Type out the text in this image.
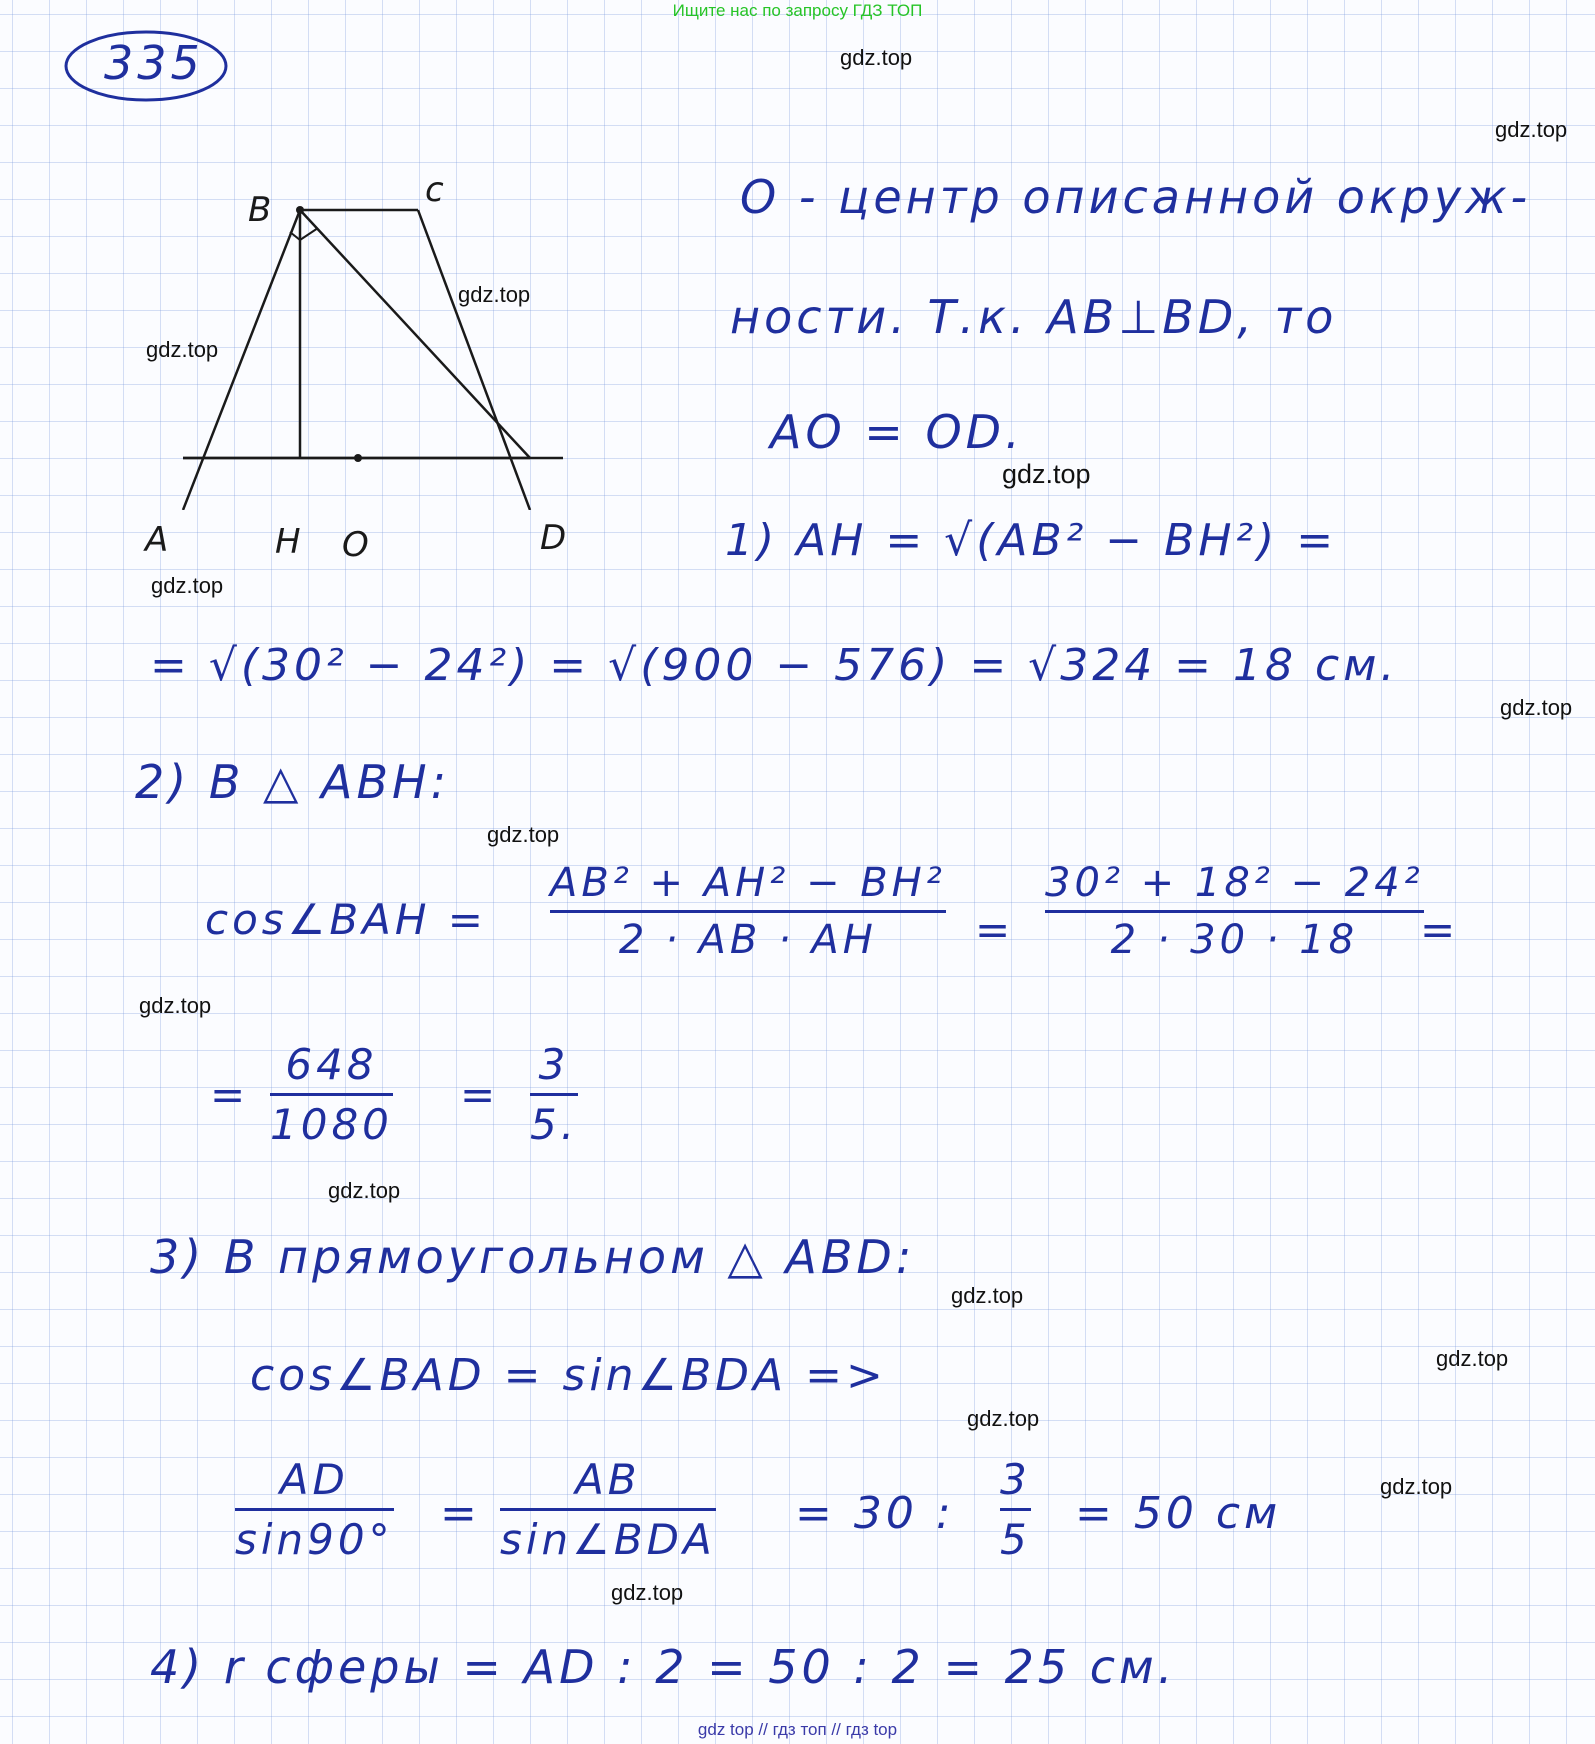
Ищите нас по запросу ГДЗ ТОП
335
B	c
A	H O	D
O - центр описанной окруж-
ности. Т.к. AB⊥BD, то
AO = OD.
1) AH = √(AB² − BH²) =
= √(30² − 24²) = √(900 − 576) = √324 = 18 см.
2) В △ ABH:
cos∠BAH =
AB² + AH² − BH²
2 · AB · AH =
30² + 18² − 24²
2 · 30 · 18 =
=
648
1080
=
3
5.
3) В прямоугольном △ ABD:
cos∠BAD = sin∠BDA =>
AD
sin90°
=
AB
sin∠BDA
= 30 :
3
5
= 50 см
4) r сферы = AD : 2 = 50 : 2 = 25 см.
gdz.top
gdz.top
gdz.top
gdz.top
gdz.top
gdz.top
gdz.top
gdz.top
gdz.top
gdz.top
gdz.top
gdz.top
gdz.top
gdz.top
gdz.top
gdz top // гдз топ // гдз top
